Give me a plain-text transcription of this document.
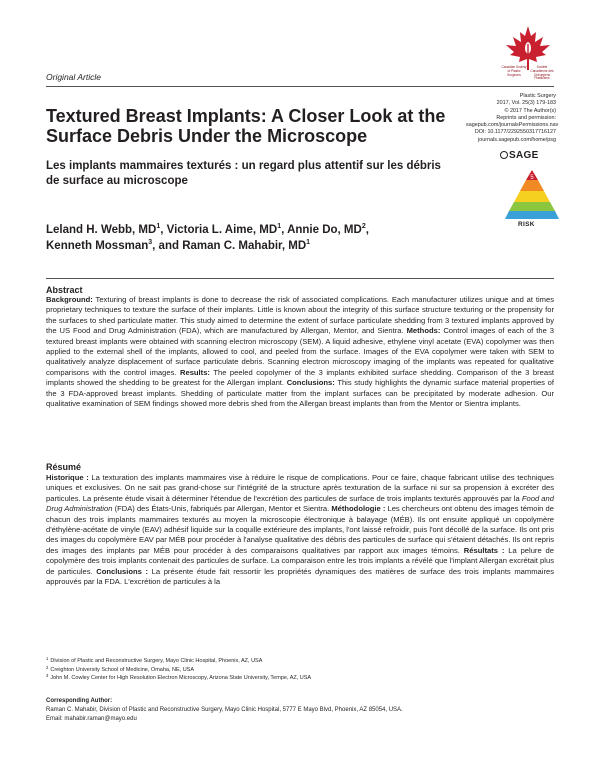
Canadian Society of Plastic Surgeons
Société Canadienne des Chirurgiens Plasticiens
Original Article
Plastic Surgery
2017, Vol. 25(3) 179-183
© 2017 The Author(s)
Reprints and permission:
sagepub.com/journalsPermissions.nav
DOI: 10.1177/2292550317716127
journals.sagepub.com/home/psg
SAGE
5
RISK
Textured Breast Implants: A Closer Look at the Surface Debris Under the Microscope
Les implants mammaires texturés : un regard plus attentif sur les débris de surface au microscope
Leland H. Webb, $MD^1$, Victoria L. Aime, $MD^1$, Annie Do, $MD^2$,
Kenneth Mossman$^3$, and Raman C. Mahabir, $MD^1$
Abstract

Background: Texturing of breast implants is done to decrease the risk of associated complications. Each manufacturer utilizes unique and at times proprietary techniques to texture the surface of their implants. Little is known about the integrity of this surface structure texturing or the propensity for the surfaces to shed particulate matter. This study aimed to determine the extent of surface particulate shedding from 3 textured implants approved by the US Food and Drug Administration (FDA), which are manufactured by Allergan, Mentor, and Sientra. Methods: Control images of each of the 3 textured breast implants were obtained with scanning electron microscopy (SEM). A liquid adhesive, ethylene vinyl acetate (EVA) copolymer was then applied to the external shell of the implants, allowed to cool, and peeled from the surface. Images of the EVA copolymer were taken with SEM to qualitatively analyze displacement of surface particulate debris. Scanning electron microscopy imaging of the implants was repeated for qualitative comparisons with the control images. Results: The peeled copolymer of the 3 implants exhibited surface shedding. Comparison of the 3 breast implants showed the shedding to be greatest for the Allergan implant. Conclusions: This study highlights the dynamic surface material properties of the 3 FDA-approved breast implants. Shedding of particulate matter from the implant surfaces can be precipitated by moderate adhesion. Our qualitative examination of SEM findings showed more debris shed from the Allergan breast implants than from the Mentor or Sientra implants.

Résumé

Historique : La texturation des implants mammaires vise à réduire le risque de complications. Pour ce faire, chaque fabricant utilise des techniques uniques et exclusives. On ne sait pas grand-chose sur l'intégrité de la structure après texturation de la surface ni sur sa propension à excréter des particules. La présente étude visait à déterminer l'étendue de l'excrétion des particules de surface de trois implants texturés approuvés par la Food and Drug Administration (FDA) des États-Unis, fabriqués par Allergan, Mentor et Sientra. Méthodologie : Les chercheurs ont obtenu des images témoin de chacun des trois implants mammaires texturés au moyen la microscopie électronique à balayage (MÉB). Ils ont ensuite appliqué un copolymère d'éthylène-acétate de vinyle (EAV) adhésif liquide sur la coquille extérieure des implants, l'ont laissé refroidir, puis l'ont décollé de la surface. Ils ont pris des images du copolymère EAV par MÉB pour procéder à l'analyse qualitative des débris des particules de surface qui s'étaient détachés. Ils ont repris des images des implants par MÉB pour procéder à des comparaisons qualitatives par rapport aux images témoins. Résultats : La pelure de copolymère des trois implants contenait des particules de surface. La comparaison entre les trois implants a révélé que l'implant Allergan excrétait plus de particules. Conclusions : La présente étude fait ressortir les propriétés dynamiques des matières de surface des trois implants mammaires approuvés par la FDA. L'excrétion de particules à la

$^1$ Division of Plastic and Reconstructive Surgery, Mayo Clinic Hospital, Phoenix, AZ, USA
$^2$ Creighton University School of Medicine, Omaha, NE, USA
$^3$ John M. Cowley Center for High Resolution Electron Microscopy, Arizona State University, Tempe, AZ, USA
Corresponding Author:
Raman C. Mahabir, Division of Plastic and Reconstructive Surgery, Mayo Clinic Hospital, 5777 E Mayo Blvd, Phoenix, AZ 85054, USA.
Email: mahabir.raman@mayo.edu
